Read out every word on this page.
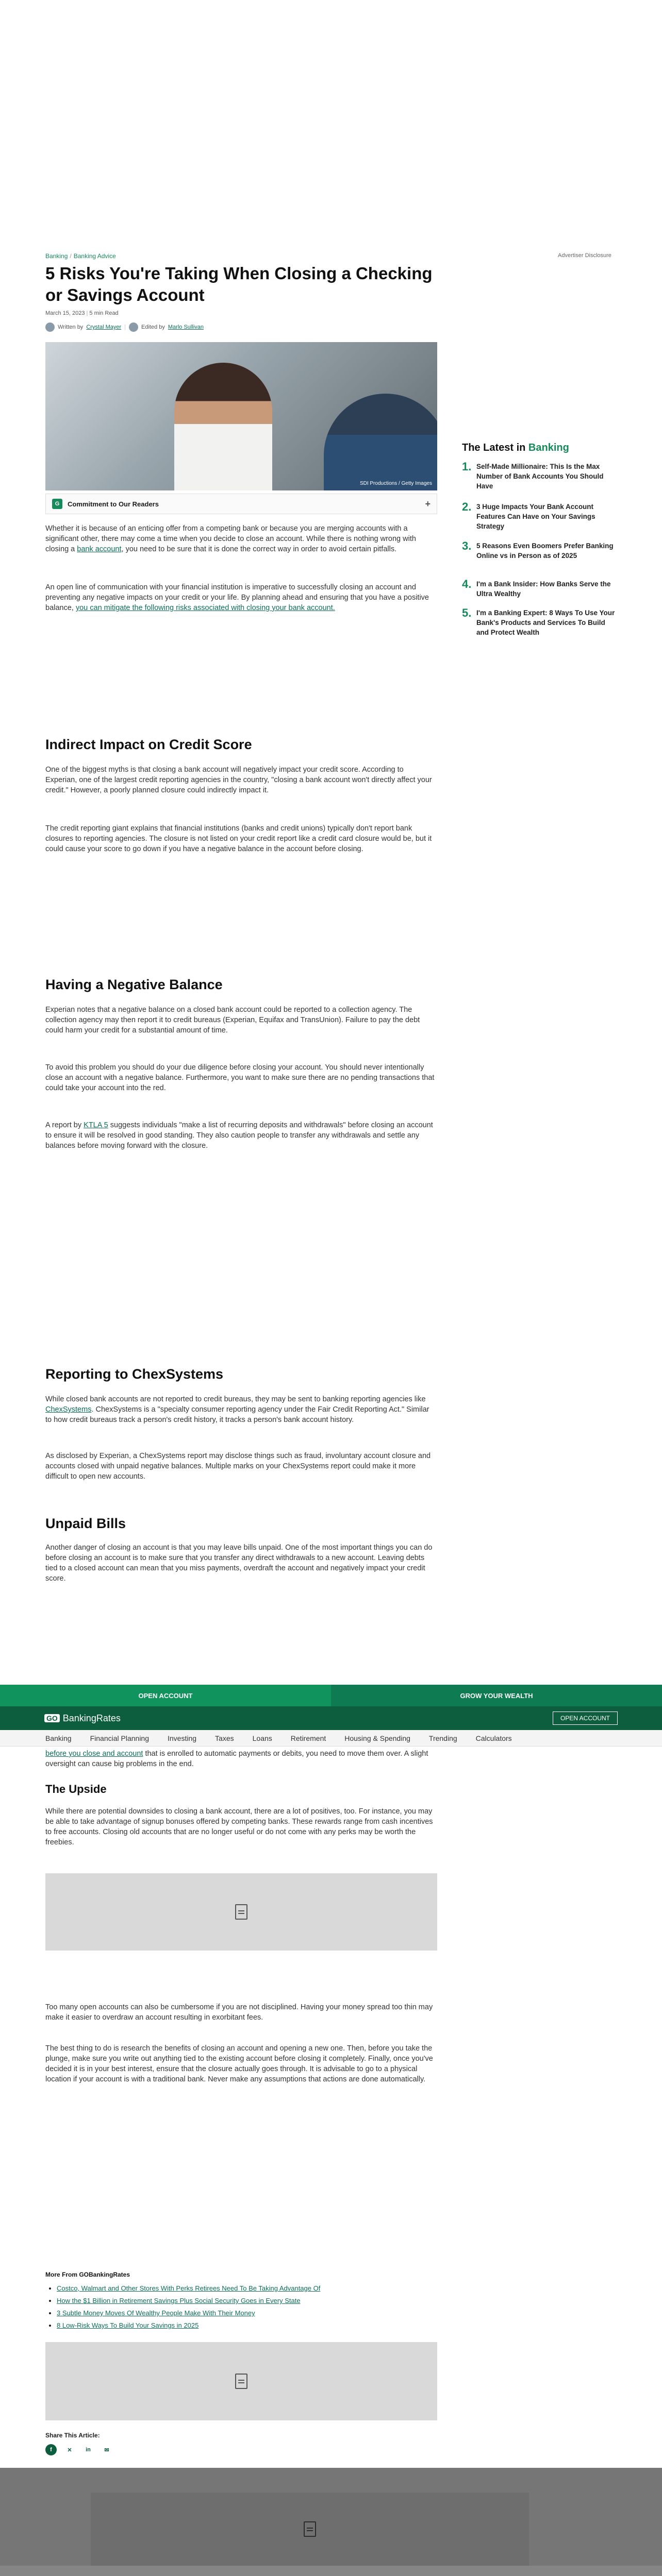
Banking / Banking Advice	Advertiser Disclosure
5 Risks You're Taking When Closing a Checking or Savings Account
March 15, 2023 | 5 min Read
Written by Crystal Mayer |	Edited by Marlo Sullivan
SDI Productions / Getty Images
G	Commitment to Our Readers	+

Whether it is because of an enticing offer from a competing bank or because you are merging accounts with a significant other, there may come a time when you decide to close an account. While there is nothing wrong with closing a bank account, you need to be sure that it is done the correct way in order to avoid certain pitfalls.

An open line of communication with your financial institution is imperative to successfully closing an account and preventing any negative impacts on your credit or your life. By planning ahead and ensuring that you have a positive balance, you can mitigate the following risks associated with closing your bank account.

Indirect Impact on Credit Score

One of the biggest myths is that closing a bank account will negatively impact your credit score. According to Experian, one of the largest credit reporting agencies in the country, "closing a bank account won't directly affect your credit." However, a poorly planned closure could indirectly impact it.

The credit reporting giant explains that financial institutions (banks and credit unions) typically don't report bank closures to reporting agencies. The closure is not listed on your credit report like a credit card closure would be, but it could cause your score to go down if you have a negative balance in the account before closing.

Having a Negative Balance

Experian notes that a negative balance on a closed bank account could be reported to a collection agency. The collection agency may then report it to credit bureaus (Experian, Equifax and TransUnion). Failure to pay the debt could harm your credit for a substantial amount of time.

To avoid this problem you should do your due diligence before closing your account. You should never intentionally close an account with a negative balance. Furthermore, you want to make sure there are no pending transactions that could take your account into the red.

A report by KTLA 5 suggests individuals "make a list of recurring deposits and withdrawals" before closing an account to ensure it will be resolved in good standing. They also caution people to transfer any withdrawals and settle any balances before moving forward with the closure.

Reporting to ChexSystems

While closed bank accounts are not reported to credit bureaus, they may be sent to banking reporting agencies like ChexSystems. ChexSystems is a "specialty consumer reporting agency under the Fair Credit Reporting Act." Similar to how credit bureaus track a person's credit history, it tracks a person's bank account history.

As disclosed by Experian, a ChexSystems report may disclose things such as fraud, involuntary account closure and accounts closed with unpaid negative balances. Multiple marks on your ChexSystems report could make it more difficult to open new accounts.

Unpaid Bills

Another danger of closing an account is that you may leave bills unpaid. One of the most important things you can do before closing an account is to make sure that you transfer any direct withdrawals to a new account. Leaving debts tied to a closed account can mean that you miss payments, overdraft the account and negatively impact your credit score.

The Latest in Banking
1. Self-Made Millionaire: This Is the Max Number of Bank Accounts You Should Have
2. 3 Huge Impacts Your Bank Account Features Can Have on Your Savings Strategy
3. 5 Reasons Even Boomers Prefer Banking Online vs in Person as of 2025
4. I'm a Bank Insider: How Banks Serve the Ultra Wealthy
5. I'm a Banking Expert: 8 Ways To Use Your Bank's Products and Services To Build and Protect Wealth
OPEN ACCOUNT	GROW YOUR WEALTH
GO BankingRates	OPEN ACCOUNT
Banking	Financial Planning	Investing	Taxes	Loans	Retirement	Housing & Spending	Trending	Calculators

before you close and account that is enrolled to automatic payments or debits, you need to move them over. A slight oversight can cause big problems in the end.

The Upside

While there are potential downsides to closing a bank account, there are a lot of positives, too. For instance, you may be able to take advantage of signup bonuses offered by competing banks. These rewards range from cash incentives to free accounts. Closing old accounts that are no longer useful or do not come with any perks may be worth the freebies.

Too many open accounts can also be cumbersome if you are not disciplined. Having your money spread too thin may make it easier to overdraw an account resulting in exorbitant fees.

The best thing to do is research the benefits of closing an account and opening a new one. Then, before you take the plunge, make sure you write out anything tied to the existing account before closing it completely. Finally, once you've decided it is in your best interest, ensure that the closure actually goes through. It is advisable to go to a physical location if your account is with a traditional bank. Never make any assumptions that actions are done automatically.

More From GOBankingRates
• Costco, Walmart and Other Stores With Perks Retirees Need To Be Taking Advantage Of
• How the $1 Billion in Retirement Savings Plus Social Security Goes in Every State
• 3 Subtle Money Moves Of Wealthy People Make With Their Money
• 8 Low-Risk Ways To Build Your Savings in 2025
Share This Article:
f	✕	in	✉
